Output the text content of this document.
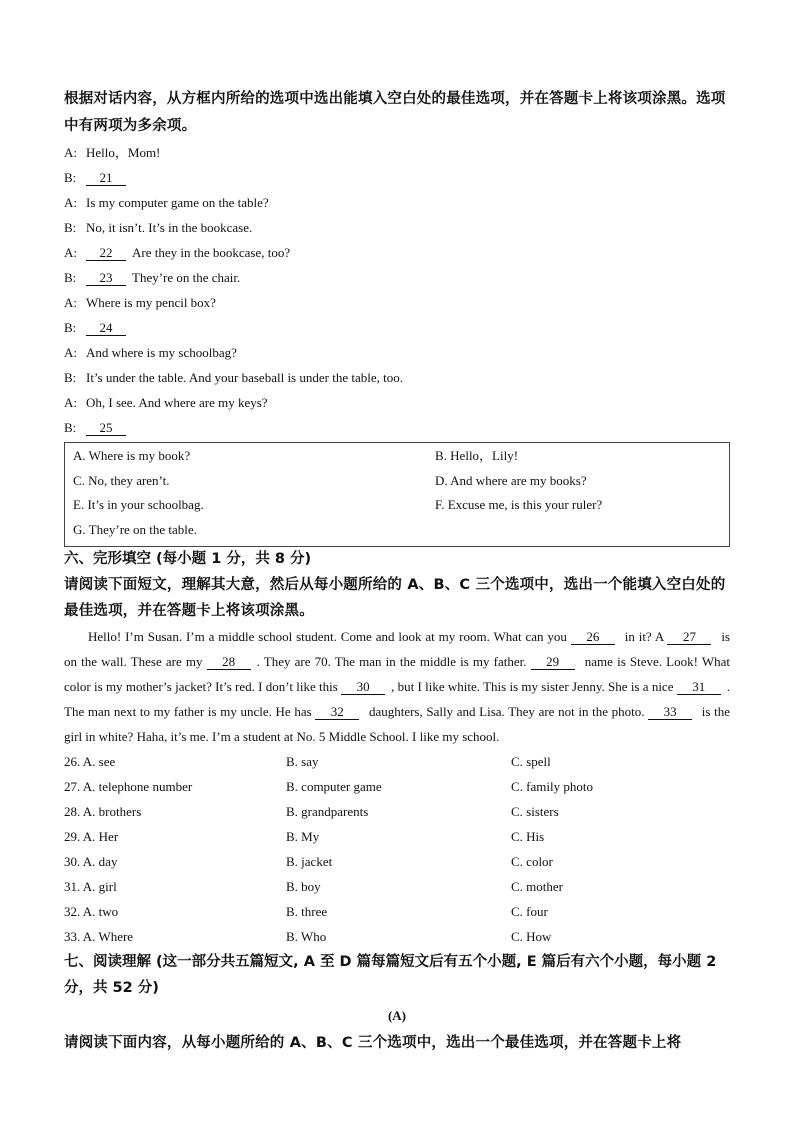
根据对话内容，从方框内所给的选项中选出能填入空白处的最佳选项，并在答题卡上将该项涂黑。选项中有两项为多余项。
A: Hello，Mom!
B: 21
A: Is my computer game on the table?
B: No, it isn’t. It’s in the bookcase.
A: 22 Are they in the bookcase, too?
B: 23 They’re on the chair.
A: Where is my pencil box?
B: 24
A: And where is my schoolbag?
B: It’s under the table. And your baseball is under the table, too.
A: Oh, I see. And where are my keys?
B: 25
A. Where is my book?	B. Hello，Lily!
C. No, they aren’t.	D. And where are my books?
E. It’s in your schoolbag.	F. Excuse me, is this your ruler?
G. They’re on the table.
六、完形填空 (每小题 1 分，共 8 分)
请阅读下面短文，理解其大意，然后从每小题所给的 A、B、C 三个选项中，选出一个能填入空白处的最佳选项，并在答题卡上将该项涂黑。

Hello! I’m Susan. I’m a middle school student. Come and look at my room. What can you 26 in it? A 27 is on the wall. These are my 28 . They are 70. The man in the middle is my father. 29 name is Steve. Look! What color is my mother’s jacket? It’s red. I don’t like this 30 , but I like white. This is my sister Jenny. She is a nice 31 . The man next to my father is my uncle. He has 32 daughters, Sally and Lisa. They are not in the photo. 33 is the girl in white? Haha, it’s me. I’m a student at No. 5 Middle School. I like my school.

26. A. see	B. say	C. spell
27. A. telephone number	B. computer game	C. family photo
28. A. brothers	B. grandparents	C. sisters
29. A. Her	B. My	C. His
30. A. day	B. jacket	C. color
31. A. girl	B. boy	C. mother
32. A. two	B. three	C. four
33. A. Where	B. Who	C. How
七、阅读理解 (这一部分共五篇短文, A 至 D 篇每篇短文后有五个小题, E 篇后有六个小题，每小题 2 分，共 52 分)
(A)
请阅读下面内容，从每小题所给的 A、B、C 三个选项中，选出一个最佳选项，并在答题卡上将
